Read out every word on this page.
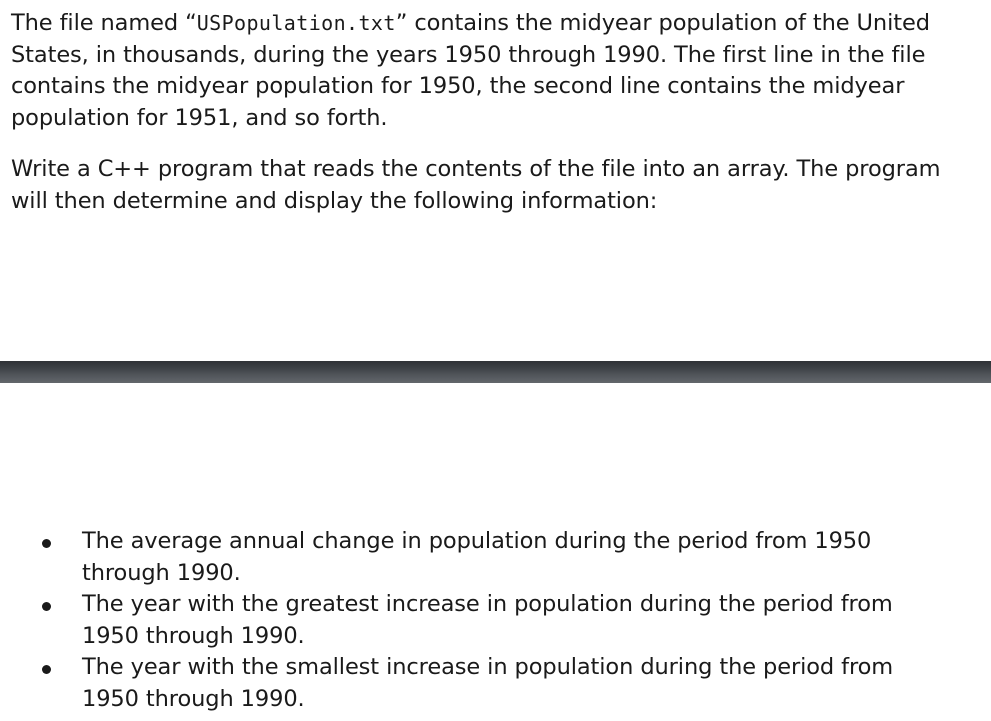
The file named “USPopulation.txt” contains the midyear population of the United States, in thousands, during the years 1950 through 1990. The first line in the file contains the midyear population for 1950, the second line contains the midyear population for 1951, and so forth.

Write a C++ program that reads the contents of the file into an array. The program will then determine and display the following information:

The average annual change in population during the period from 1950 through 1990.
The year with the greatest increase in population during the period from 1950 through 1990.
The year with the smallest increase in population during the period from 1950 through 1990.
